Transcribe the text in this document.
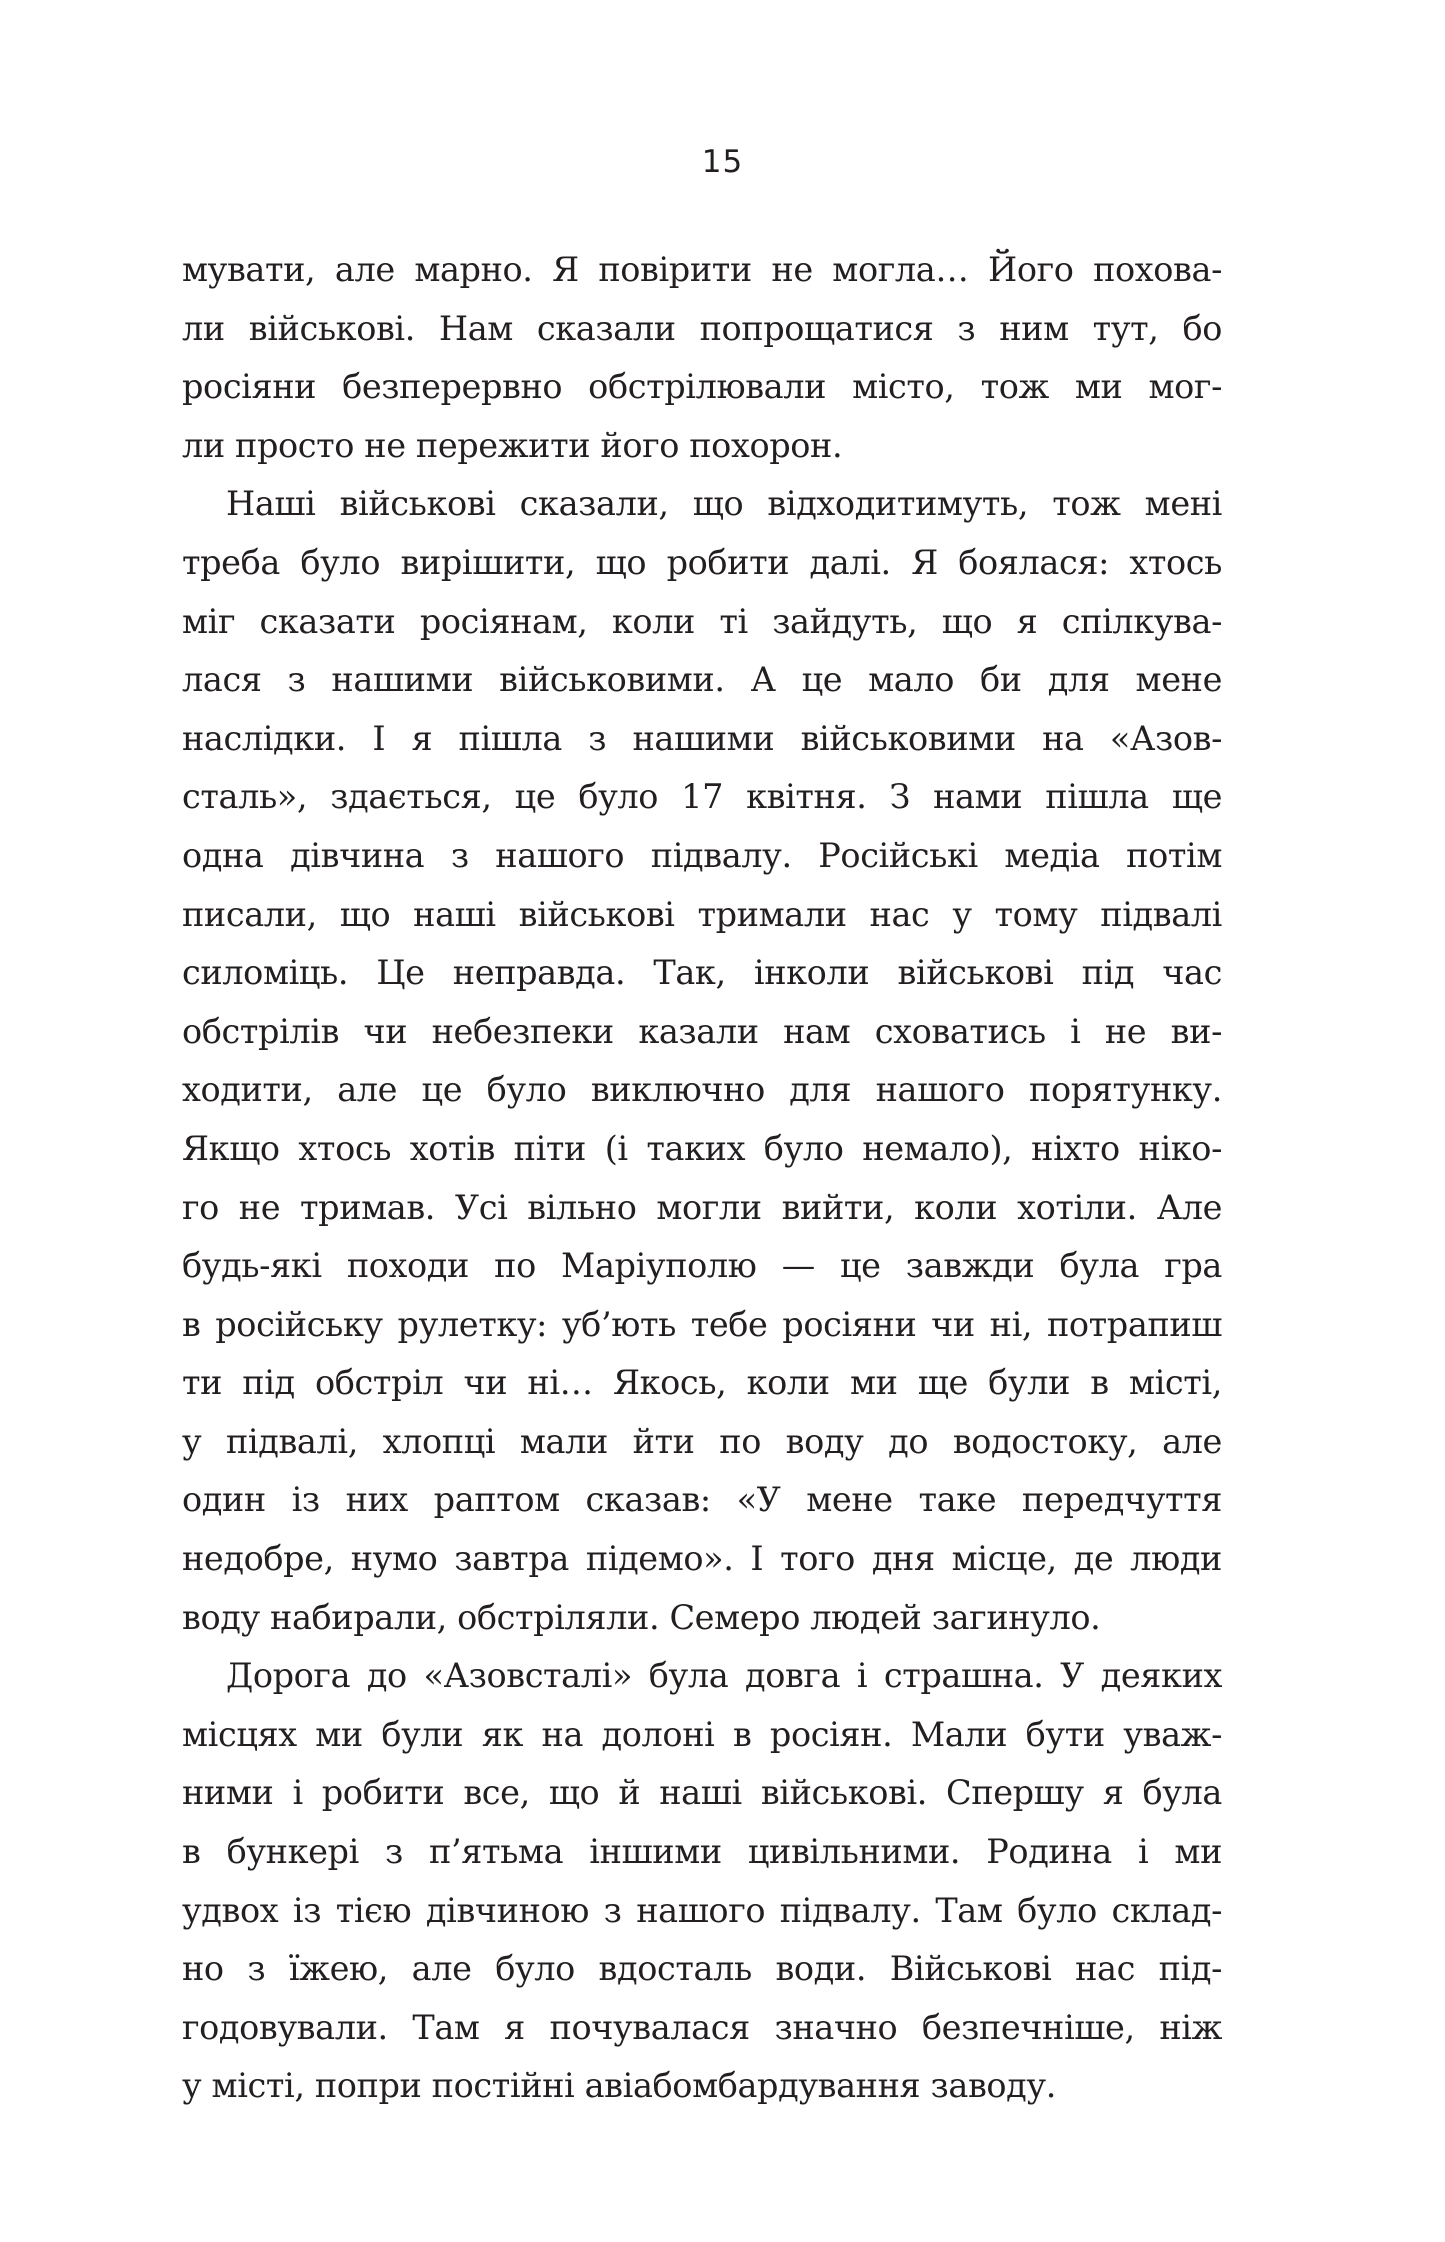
15
мувати, але марно. Я повірити не могла… Його похова-
ли військові. Нам сказали попрощатися з ним тут, бо
росіяни безперервно обстрілювали місто, тож ми мог-
ли просто не пережити його похорон.
Наші військові сказали, що відходитимуть, тож мені
треба було вирішити, що робити далі. Я боялася: хтось
міг сказати росіянам, коли ті зайдуть, що я спілкува-
лася з нашими військовими. А це мало би для мене
наслідки. І я пішла з нашими військовими на «Азов-
сталь», здається, це було 17 квітня. З нами пішла ще
одна дівчина з нашого підвалу. Російські медіа потім
писали, що наші військові тримали нас у тому підвалі
силоміць. Це неправда. Так, інколи військові під час
обстрілів чи небезпеки казали нам сховатись і не ви-
ходити, але це було виключно для нашого порятунку.
Якщо хтось хотів піти (і таких було немало), ніхто ніко-
го не тримав. Усі вільно могли вийти, коли хотіли. Але
будь-які походи по Маріуполю — це завжди була гра
в російську рулетку: уб’ють тебе росіяни чи ні, потрапиш
ти під обстріл чи ні… Якось, коли ми ще були в місті,
у підвалі, хлопці мали йти по воду до водостоку, але
один із них раптом сказав: «У мене таке передчуття
недобре, нумо завтра підемо». І того дня місце, де люди
воду набирали, обстріляли. Семеро людей загинуло.
Дорога до «Азовсталі» була довга і страшна. У деяких
місцях ми були як на долоні в росіян. Мали бути уваж-
ними і робити все, що й наші військові. Спершу я була
в бункері з п’ятьма іншими цивільними. Родина і ми
удвох із тією дівчиною з нашого підвалу. Там було склад-
но з їжею, але було вдосталь води. Військові нас під-
годовували. Там я почувалася значно безпечніше, ніж
у місті, попри постійні авіабомбардування заводу.
